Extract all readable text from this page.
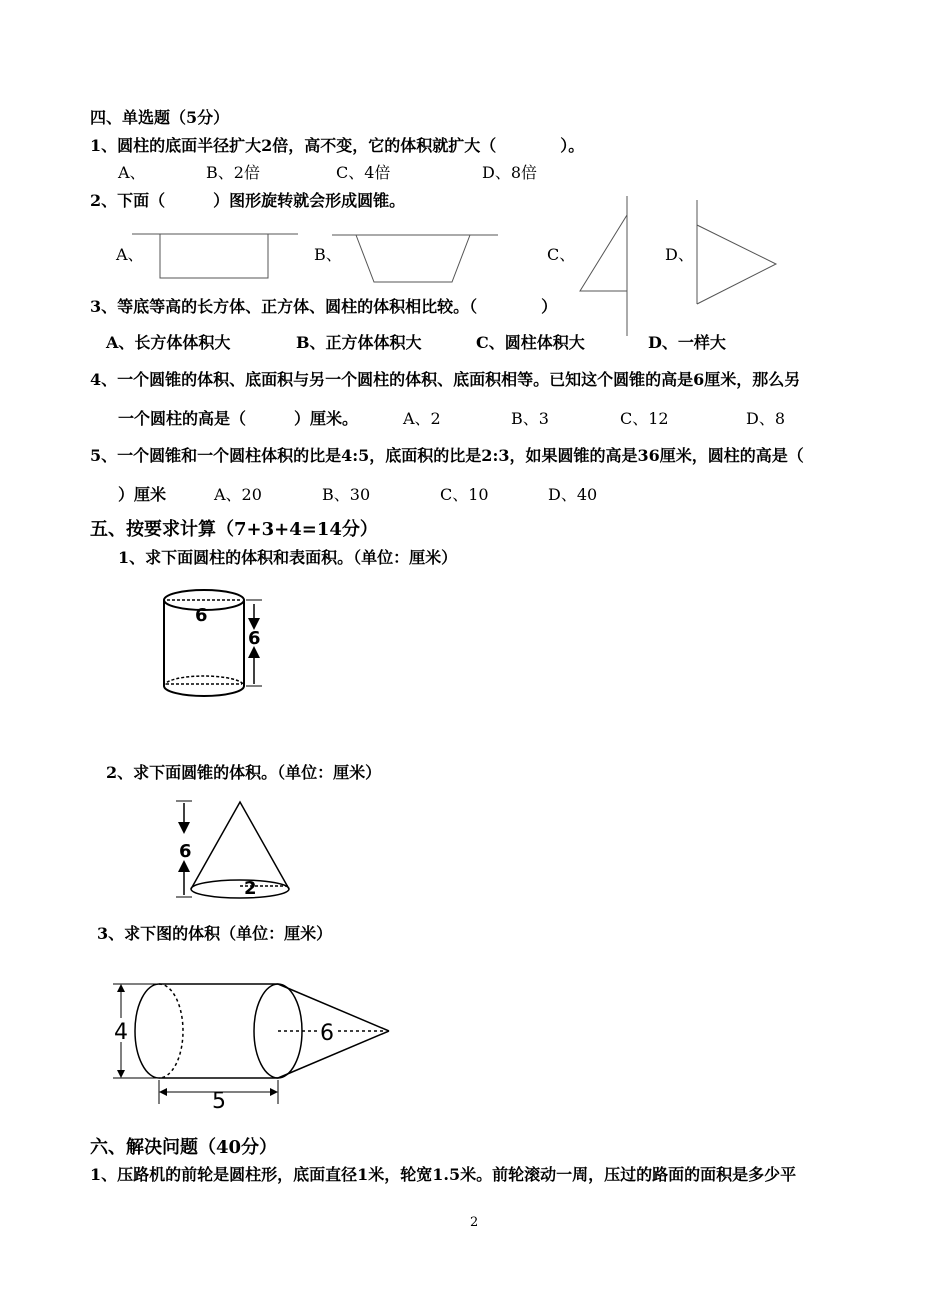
四、单选题（5分）
1、圆柱的底面半径扩大2倍，高不变，它的体积就扩大（　　　　）。
A、	B、2倍	C、4倍	D、8倍
2、下面（　　　）图形旋转就会形成圆锥。
A、	B、	C、	D、
3、等底等高的长方体、正方体、圆柱的体积相比较。（　　　　）
A、长方体体积大	B、正方体体积大	C、圆柱体积大	D、一样大
4、一个圆锥的体积、底面积与另一个圆柱的体积、底面积相等。已知这个圆锥的高是6厘米，那么另
一个圆柱的高是（　　　）厘米。	A、2	B、3	C、12	D、8
5、一个圆锥和一个圆柱体积的比是4:5，底面积的比是2:3，如果圆锥的高是36厘米，圆柱的高是（
）厘米	A、20	B、30	C、10	D、40
五、按要求计算（7+3+4=14分）
1、求下面圆柱的体积和表面积。（单位：厘米）
2、求下面圆锥的体积。（单位：厘米）
3、求下图的体积（单位：厘米）
六、解决问题（40分）
1、压路机的前轮是圆柱形，底面直径1米，轮宽1.5米。前轮滚动一周，压过的路面的面积是多少平
2
6
6
6
2
4
5
6
